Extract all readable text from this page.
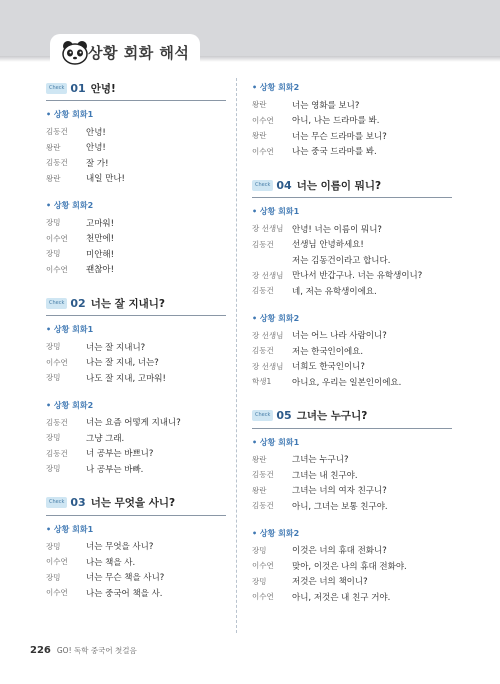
상황 회화 해석
Check 01 안녕!
• 상황 회화1
김동건	안녕!
왕란	안녕!
김동건	잘 가!
왕란	내일 만나!
• 상황 회화2
장밍	고마워!
이수연	천만에!
장밍	미안해!
이수연	괜찮아!
Check 02 너는 잘 지내니?
• 상황 회화1
장밍	너는 잘 지내니?
이수연	나는 잘 지내, 너는?
장밍	나도 잘 지내, 고마워!
• 상황 회화2
김동건	너는 요즘 어떻게 지내니?
장밍	그냥 그래.
김동건	너 공부는 바쁘니?
장밍	나 공부는 바빠.
Check 03 너는 무엇을 사니?
• 상황 회화1
장밍	너는 무엇을 사니?
이수연	나는 책을 사.
장밍	너는 무슨 책을 사니?
이수연	나는 중국어 책을 사.
• 상황 회화2
왕란	너는 영화를 보니?
이수연	아니, 나는 드라마를 봐.
왕란	너는 무슨 드라마를 보니?
이수연	나는 중국 드라마를 봐.
Check 04 너는 이름이 뭐니?
• 상황 회화1
장 선생님	안녕! 너는 이름이 뭐니?
김동건	선생님 안녕하세요!
저는 김동건이라고 합니다.
장 선생님	만나서 반갑구나. 너는 유학생이니?
김동건	네, 저는 유학생이에요.
• 상황 회화2
장 선생님	너는 어느 나라 사람이니?
김동건	저는 한국인이에요.
장 선생님	너희도 한국인이니?
학생1	아니요, 우리는 일본인이에요.
Check 05 그녀는 누구니?
• 상황 회화1
왕란	그녀는 누구니?
김동건	그녀는 내 친구야.
왕란	그녀는 너의 여자 친구니?
김동건	아니, 그녀는 보통 친구야.
• 상황 회화2
장밍	이것은 너의 휴대 전화니?
이수연	맞아, 이것은 나의 휴대 전화야.
장밍	저것은 너의 책이니?
이수연	아니, 저것은 내 친구 거야.
226 GO! 독학 중국어 첫걸음
